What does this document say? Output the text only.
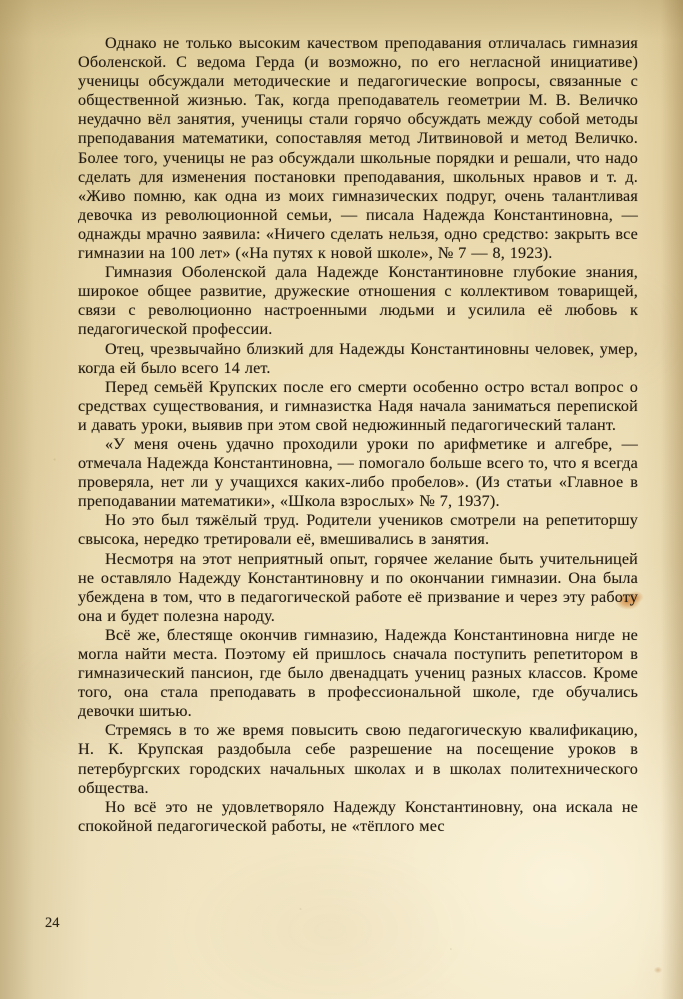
Однако не только высоким качеством преподавания отличалась гимназия Оболенской. С ведома Герда (и возможно, по его негласной инициативе) ученицы обсуждали методические и педагогические вопросы, связанные с общественной жизнью. Так, когда преподаватель геометрии М. В. Величко неудачно вёл занятия, ученицы стали горячо обсуждать между собой методы преподавания математики, сопоставляя метод Литвиновой и метод Величко. Более того, ученицы не раз обсуждали школьные порядки и решали, что надо сделать для изменения постановки преподавания, школьных нравов и т. д. «Живо помню, как одна из моих гимназических подруг, очень талантливая девочка из революционной семьи, — писала Надежда Константиновна, — однажды мрачно заявила: «Ничего сделать нельзя, одно средство: закрыть все гимназии на 100 лет» («На путях к новой школе», № 7 — 8, 1923).

Гимназия Оболенской дала Надежде Константиновне глубокие знания, широкое общее развитие, дружеские отношения с коллективом товарищей, связи с революционно настроенными людьми и усилила её любовь к педагогической профессии.

Отец, чрезвычайно близкий для Надежды Константиновны человек, умер, когда ей было всего 14 лет.

Перед семьёй Крупских после его смерти особенно остро встал вопрос о средствах существования, и гимназистка Надя начала заниматься перепиской и давать уроки, выявив при этом свой недюжинный педагогический талант.

«У меня очень удачно проходили уроки по арифметике и алгебре, — отмечала Надежда Константиновна, — помогало больше всего то, что я всегда проверяла, нет ли у учащихся каких-либо пробелов». (Из статьи «Главное в преподавании математики», «Школа взрослых» № 7, 1937).

Но это был тяжёлый труд. Родители учеников смотрели на репетиторшу свысока, нередко третировали её, вмешивались в занятия.

Несмотря на этот неприятный опыт, горячее желание быть учительницей не оставляло Надежду Константиновну и по окончании гимназии. Она была убеждена в том, что в педагогической работе её призвание и через эту работу она и будет полезна народу.

Всё же, блестяще окончив гимназию, Надежда Константиновна нигде не могла найти места. Поэтому ей пришлось сначала поступить репетитором в гимназический пансион, где было двенадцать учениц разных классов. Кроме того, она стала преподавать в профессиональной школе, где обучались девочки шитью.

Стремясь в то же время повысить свою педагогическую квалификацию, Н. К. Крупская раздобыла себе разрешение на посещение уроков в петербургских городских начальных школах и в школах политехнического общества.

Но всё это не удовлетворяло Надежду Константиновну, она искала не спокойной педагогической работы, не «тёплого мес

24
